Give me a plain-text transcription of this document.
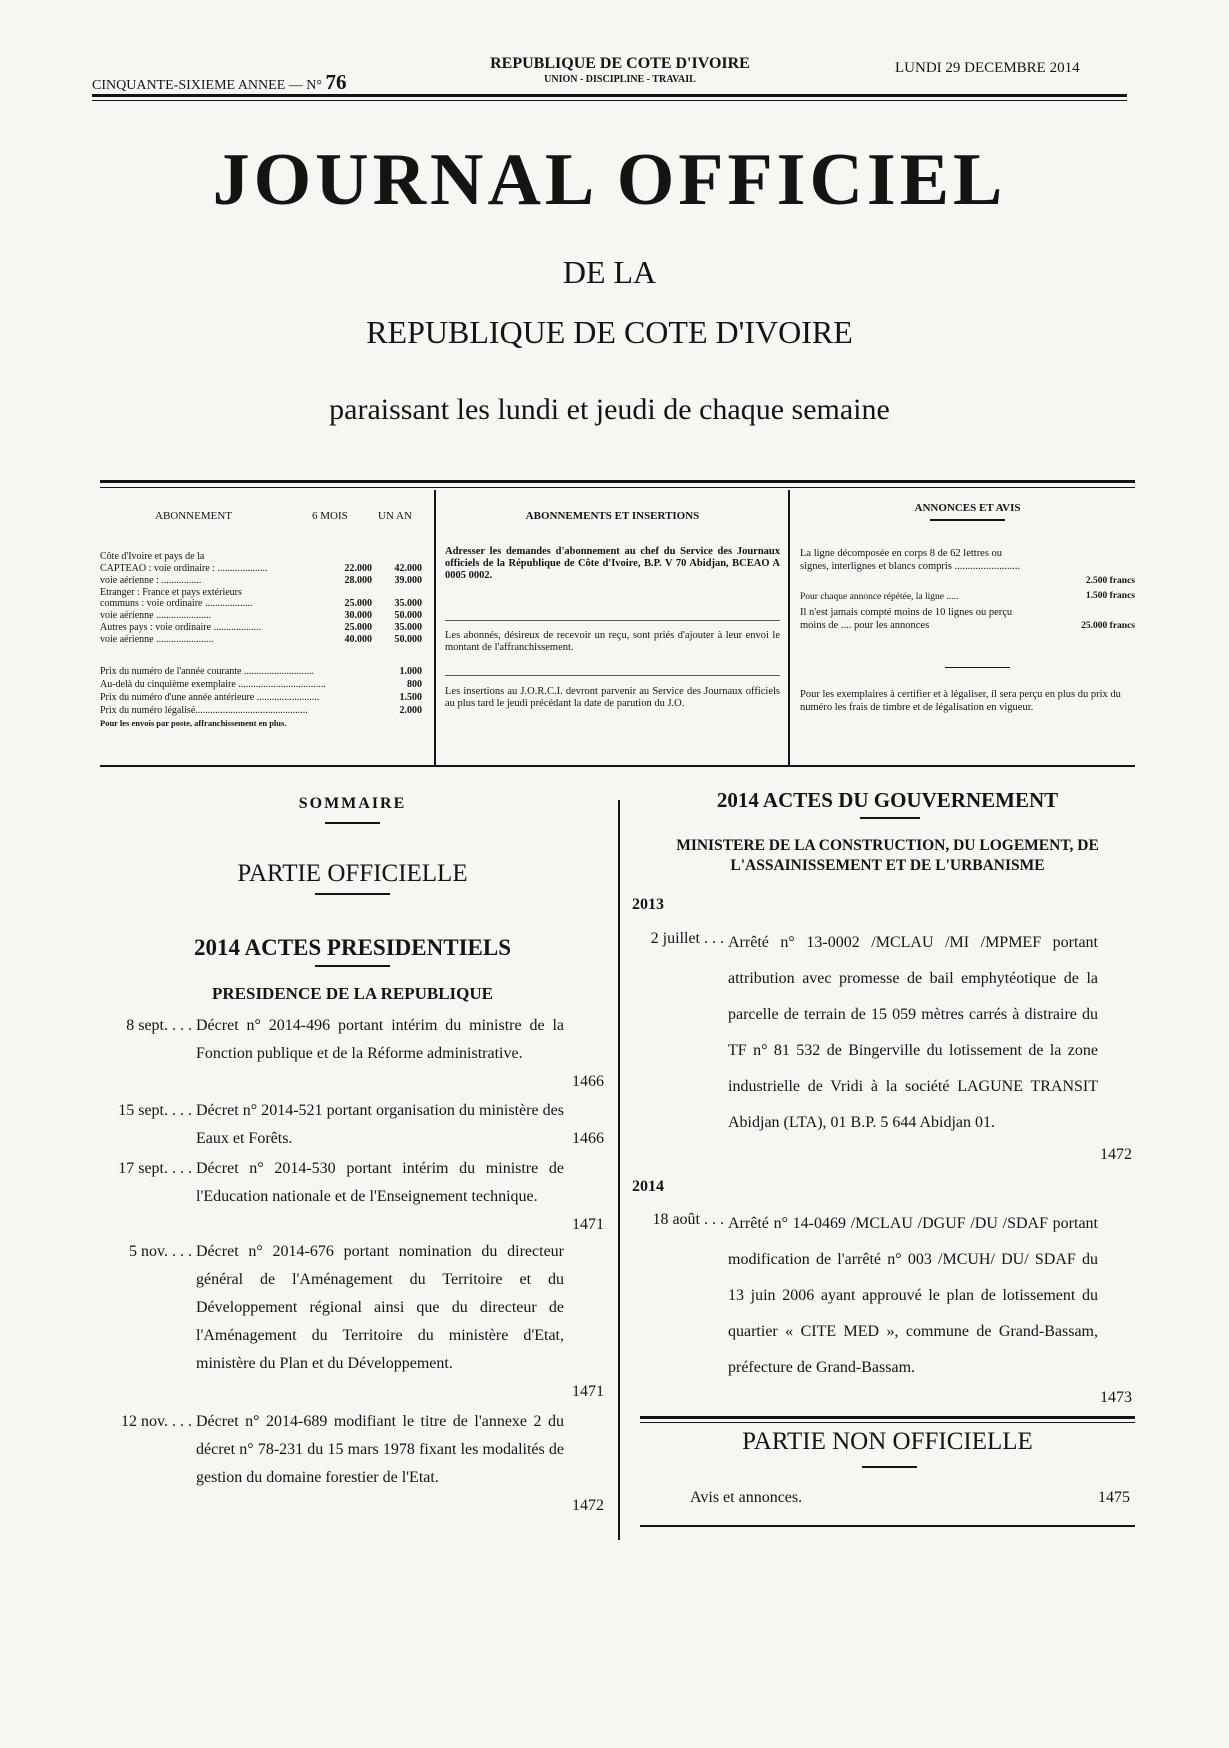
CINQUANTE-SIXIEME ANNEE — N° 76
REPUBLIQUE DE COTE D'IVOIRE
UNION - DISCIPLINE - TRAVAIL
LUNDI 29 DECEMBRE 2014
JOURNAL OFFICIEL
DE LA
REPUBLIQUE DE COTE D'IVOIRE
paraissant les lundi et jeudi de chaque semaine
ABONNEMENT	6 MOIS	UN AN
Côte d'Ivoire et pays de la
CAPTEAO : voie ordinaire : ....................	22.000	42.000
voie aérienne : ................	28.000	39.000
Etranger : France et pays extérieurs
communs : voie ordinaire ...................	25.000	35.000
voie aérienne ......................	30.000	50.000
Autres pays : voie ordinaire ...................	25.000	35.000
voie aérienne .......................	40.000	50.000
Prix du numéro de l'année courante ............................	1.000
Au-delà du cinquième exemplaire ...................................	800
Prix du numéro d'une année antérieure .........................	1.500
Prix du numéro légalisé.............................................	2.000
Pour les envois par poste, affranchissement en plus.
ABONNEMENTS ET INSERTIONS
Adresser les demandes d'abonnement au chef du Service des Journaux officiels de la République de Côte d'Ivoire, B.P. V 70 Abidjan, BCEAO A 0005 0002.
Les abonnés, désireux de recevoir un reçu, sont priés d'ajouter à leur envoi le montant de l'affranchissement.
Les insertions au J.O.R.C.I. devront parvenir au Service des Journaux officiels au plus tard le jeudi précédant la date de parution du J.O.
ANNONCES ET AVIS
La ligne décomposée en corps 8 de 62 lettres ou signes, interlignes et blancs compris .........................
2.500 francs
Pour chaque annonce répétée, la ligne .....	1.500 francs
Il n'est jamais compté moins de 10 lignes ou perçu moins de .... pour les annonces	25.000 francs
Pour les exemplaires à certifier et à légaliser, il sera perçu en plus du prix du numéro les frais de timbre et de légalisation en vigueur.
SOMMAIRE
PARTIE OFFICIELLE
2014 ACTES PRESIDENTIELS
PRESIDENCE DE LA REPUBLIQUE
8 sept. . . . Décret n° 2014-496 portant intérim du ministre de la Fonction publique et de la Réforme administrative.
1466
15 sept. . . . Décret n° 2014-521 portant organisation du ministère des Eaux et Forêts.	1466
17 sept. . . . Décret n° 2014-530 portant intérim du ministre de l'Education nationale et de l'Enseignement technique.
1471
5 nov. . . . Décret n° 2014-676 portant nomination du directeur général de l'Aménagement du Territoire et du Développement régional ainsi que du directeur de l'Aménagement du Territoire du ministère d'Etat, ministère du Plan et du Développement.
1471
12 nov. . . . Décret n° 2014-689 modifiant le titre de l'annexe 2 du décret n° 78-231 du 15 mars 1978 fixant les modalités de gestion du domaine forestier de l'Etat.
1472
2014 ACTES DU GOUVERNEMENT
MINISTERE DE LA CONSTRUCTION, DU LOGEMENT, DE L'ASSAINISSEMENT ET DE L'URBANISME
2013
2 juillet . . . Arrêté n° 13-0002 /MCLAU /MI /MPMEF portant attribution avec promesse de bail emphytéotique de la parcelle de terrain de 15 059 mètres carrés à distraire du TF n° 81 532 de Bingerville du lotissement de la zone industrielle de Vridi à la société LAGUNE TRANSIT Abidjan (LTA), 01 B.P. 5 644 Abidjan 01.
1472
2014
18 août . . . Arrêté n° 14-0469 /MCLAU /DGUF /DU /SDAF portant modification de l'arrêté n° 003 /MCUH/ DU/ SDAF du 13 juin 2006 ayant approuvé le plan de lotissement du quartier « CITE MED », commune de Grand-Bassam, préfecture de Grand-Bassam.
1473
PARTIE NON OFFICIELLE
Avis et annonces.	1475
